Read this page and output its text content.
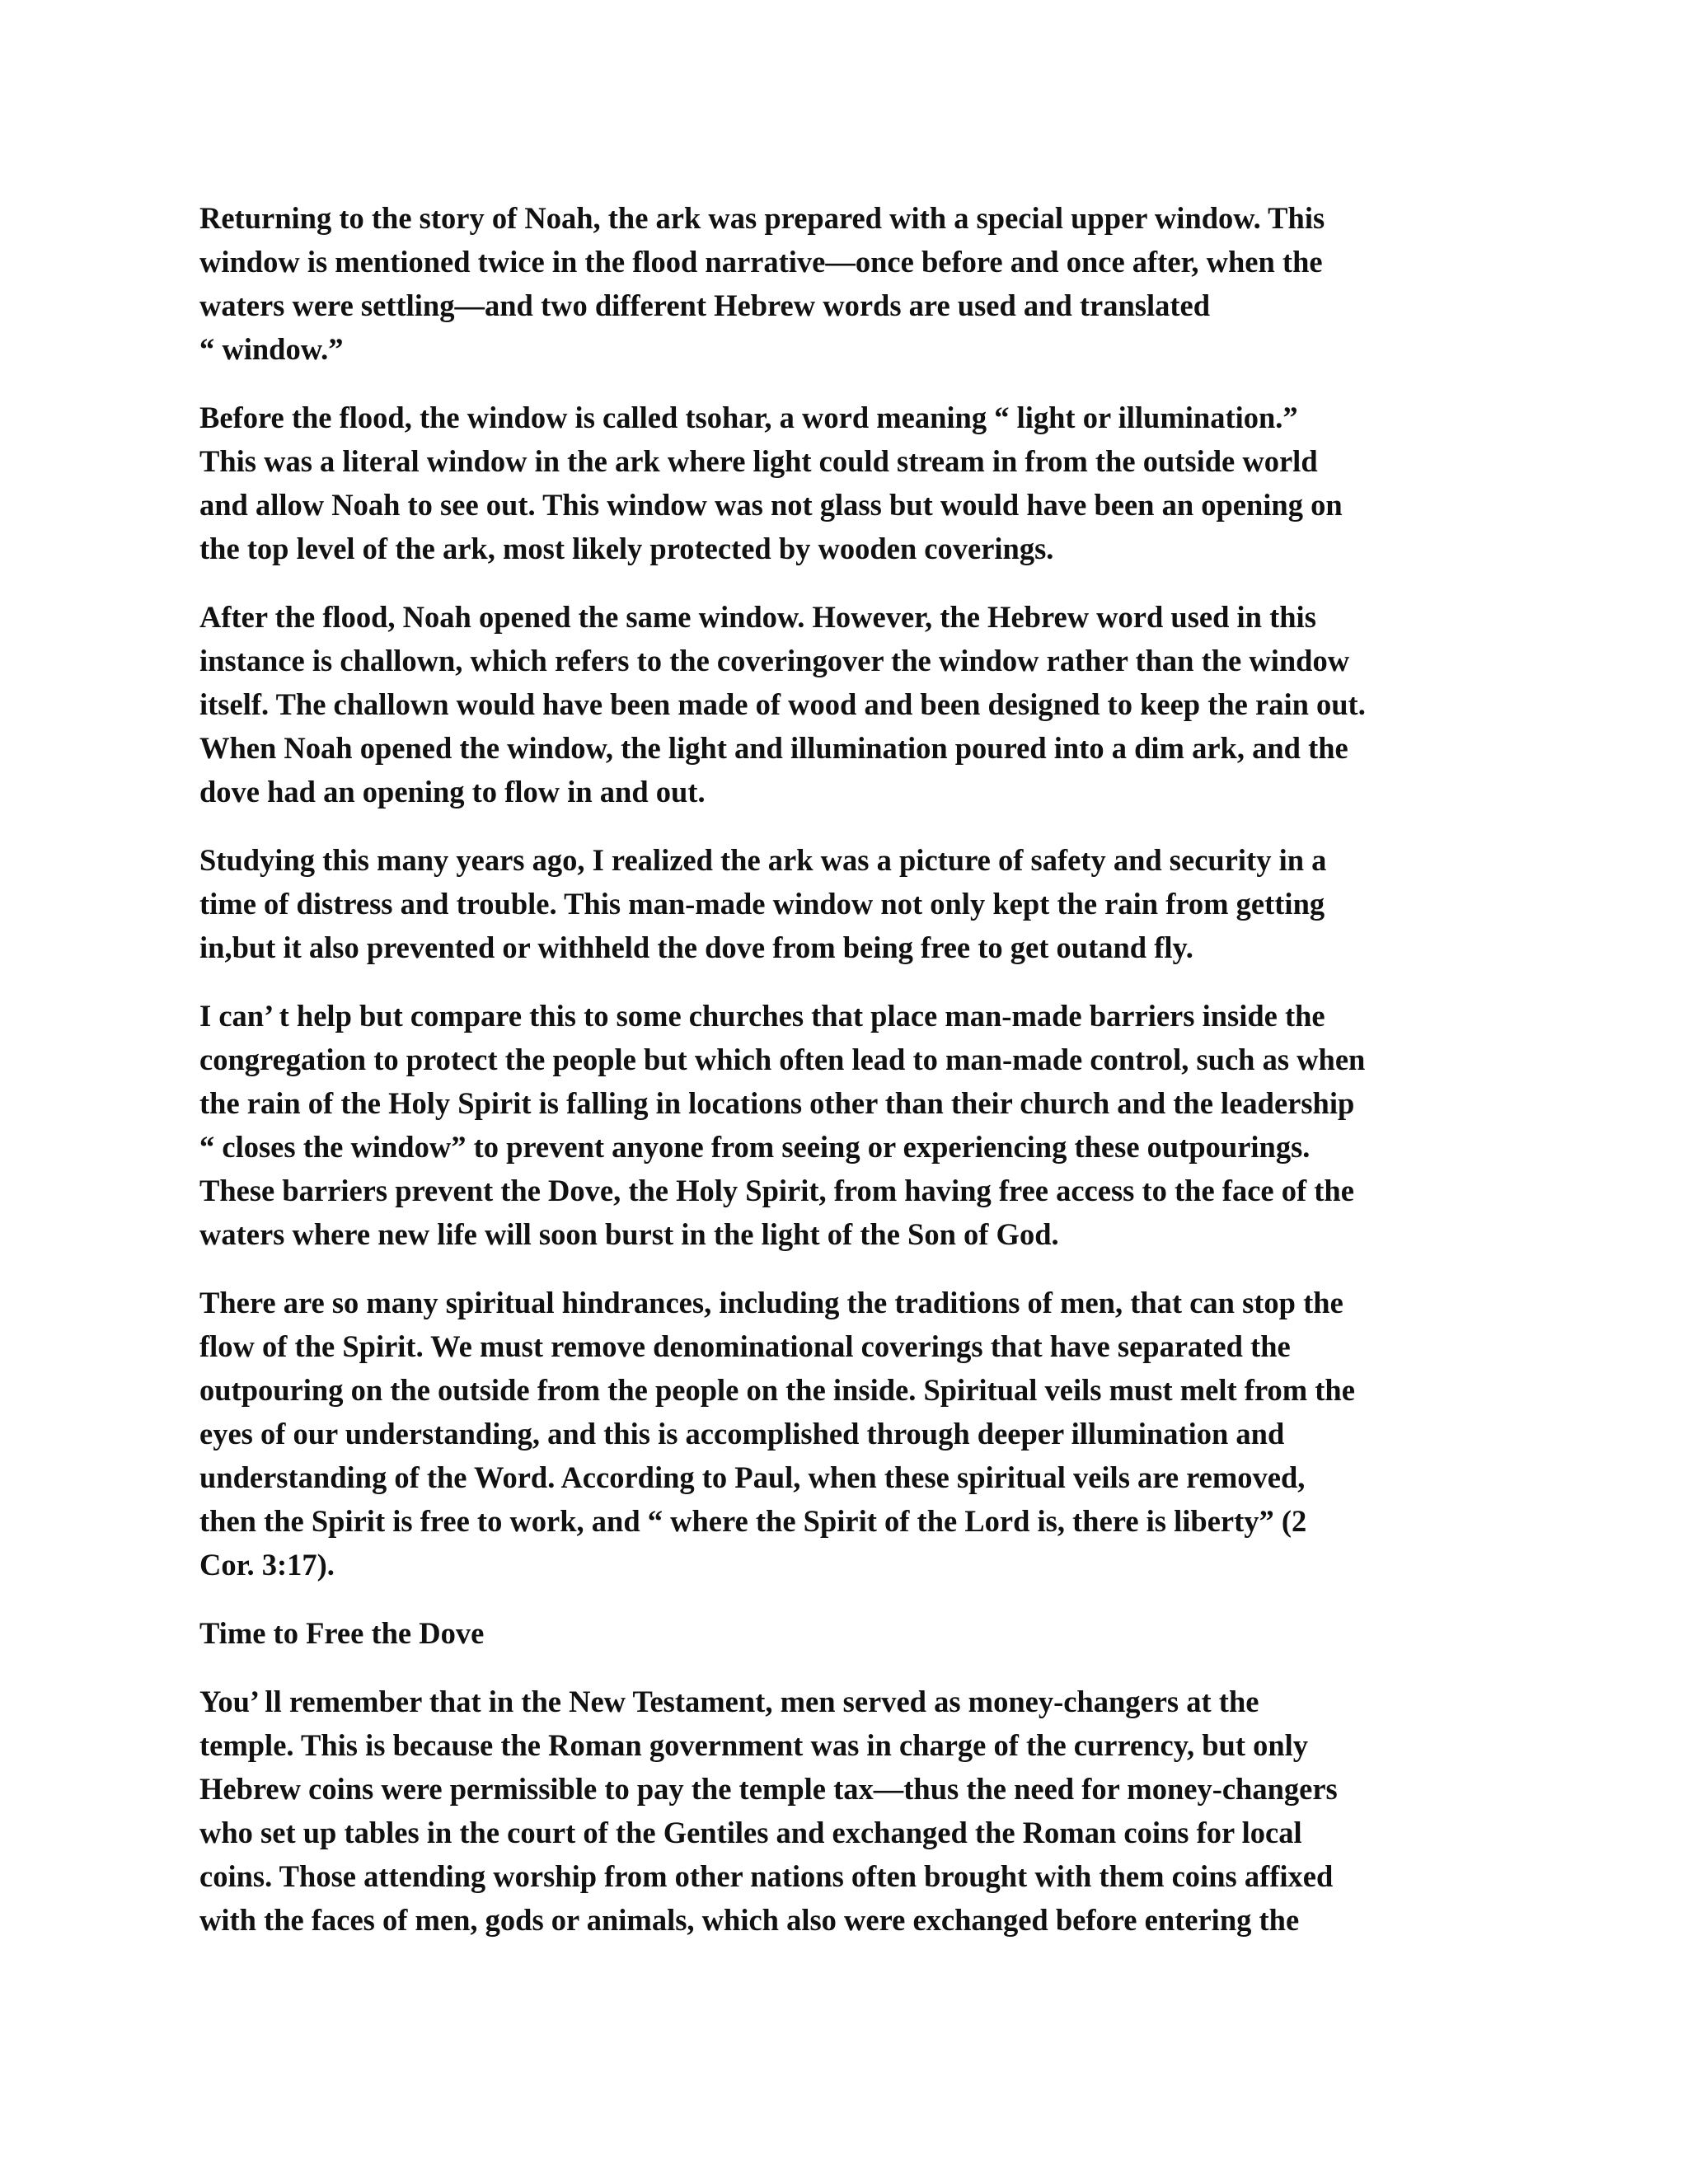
Returning to the story of Noah, the ark was prepared with a special upper window. This
window is mentioned twice in the flood narrative—once before and once after, when the
waters were settling—and two different Hebrew words are used and translated
“ window.”

Before the flood, the window is called tsohar, a word meaning “ light or illumination.”
This was a literal window in the ark where light could stream in from the outside world
and allow Noah to see out. This window was not glass but would have been an opening on
the top level of the ark, most likely protected by wooden coverings.

After the flood, Noah opened the same window. However, the Hebrew word used in this
instance is challown, which refers to the coveringover the window rather than the window
itself. The challown would have been made of wood and been designed to keep the rain out.
When Noah opened the window, the light and illumination poured into a dim ark, and the
dove had an opening to flow in and out.

Studying this many years ago, I realized the ark was a picture of safety and security in a
time of distress and trouble. This man-made window not only kept the rain from getting
in,but it also prevented or withheld the dove from being free to get outand fly.

I can’ t help but compare this to some churches that place man-made barriers inside the
congregation to protect the people but which often lead to man-made control, such as when
the rain of the Holy Spirit is falling in locations other than their church and the leadership
“ closes the window” to prevent anyone from seeing or experiencing these outpourings.
These barriers prevent the Dove, the Holy Spirit, from having free access to the face of the
waters where new life will soon burst in the light of the Son of God.

There are so many spiritual hindrances, including the traditions of men, that can stop the
flow of the Spirit. We must remove denominational coverings that have separated the
outpouring on the outside from the people on the inside. Spiritual veils must melt from the
eyes of our understanding, and this is accomplished through deeper illumination and
understanding of the Word. According to Paul, when these spiritual veils are removed,
then the Spirit is free to work, and “ where the Spirit of the Lord is, there is liberty” (2
Cor. 3:17).

Time to Free the Dove

You’ ll remember that in the New Testament, men served as money-changers at the
temple. This is because the Roman government was in charge of the currency, but only
Hebrew coins were permissible to pay the temple tax—thus the need for money-changers
who set up tables in the court of the Gentiles and exchanged the Roman coins for local
coins. Those attending worship from other nations often brought with them coins affixed
with the faces of men, gods or animals, which also were exchanged before entering the
